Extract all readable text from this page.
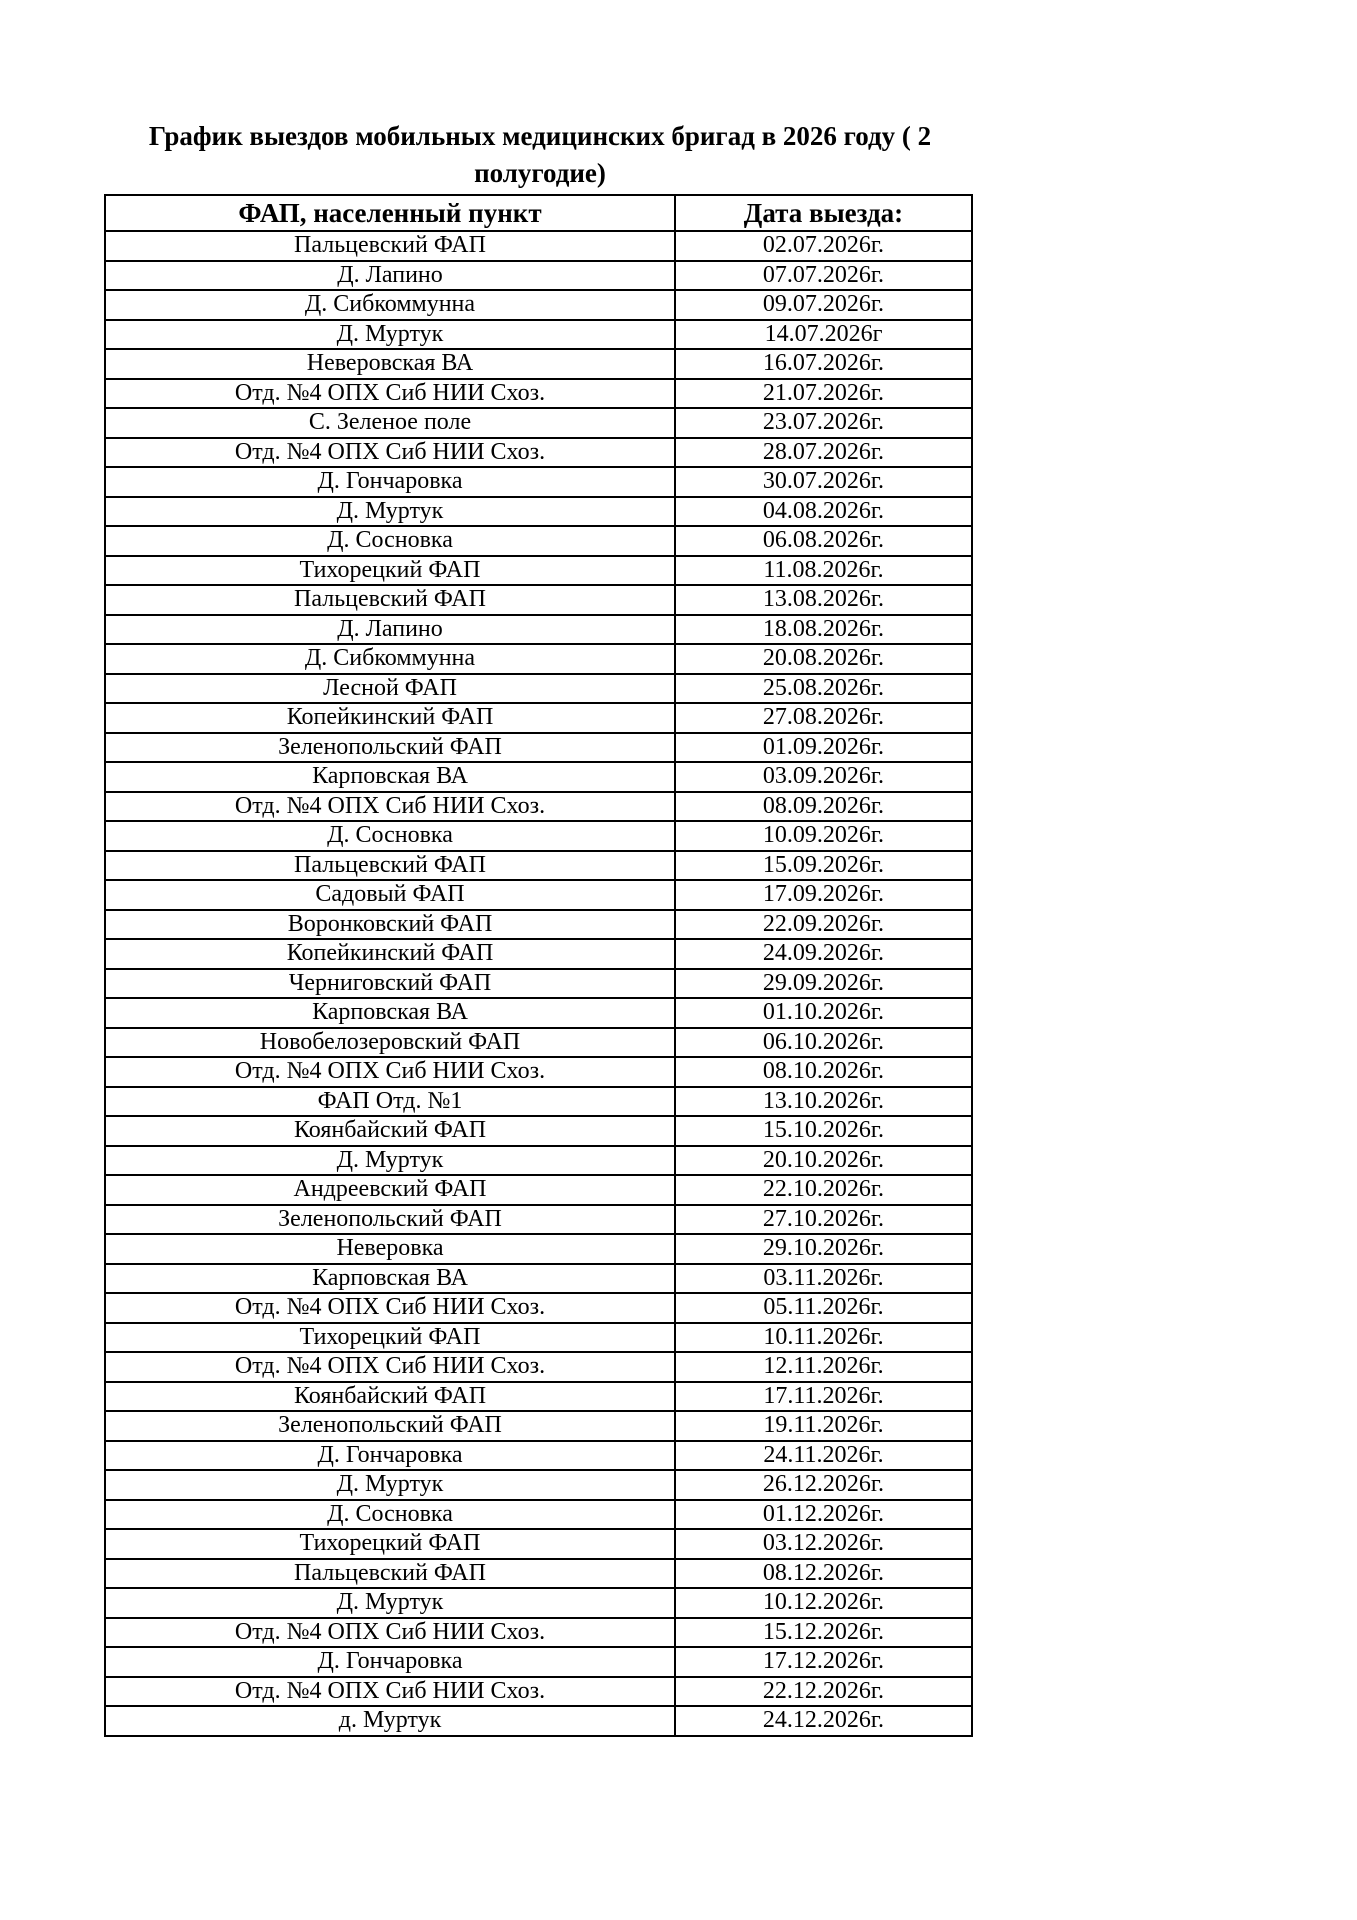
График выездов мобильных медицинских бригад в 2026 году ( 2 полугодие)
ФАП, населенный пункт	Дата выезда:
Пальцевский ФАП	02.07.2026г.
Д. Лапино	07.07.2026г.
Д. Сибкоммунна	09.07.2026г.
Д. Муртук	14.07.2026г
Неверовская ВА	16.07.2026г.
Отд. №4 ОПХ Сиб НИИ Схоз.	21.07.2026г.
С. Зеленое поле	23.07.2026г.
Отд. №4 ОПХ Сиб НИИ Схоз.	28.07.2026г.
Д. Гончаровка	30.07.2026г.
Д. Муртук	04.08.2026г.
Д. Сосновка	06.08.2026г.
Тихорецкий ФАП	11.08.2026г.
Пальцевский ФАП	13.08.2026г.
Д. Лапино	18.08.2026г.
Д. Сибкоммунна	20.08.2026г.
Лесной ФАП	25.08.2026г.
Копейкинский ФАП	27.08.2026г.
Зеленопольский ФАП	01.09.2026г.
Карповская ВА	03.09.2026г.
Отд. №4 ОПХ Сиб НИИ Схоз.	08.09.2026г.
Д. Сосновка	10.09.2026г.
Пальцевский ФАП	15.09.2026г.
Садовый ФАП	17.09.2026г.
Воронковский ФАП	22.09.2026г.
Копейкинский ФАП	24.09.2026г.
Черниговский ФАП	29.09.2026г.
Карповская ВА	01.10.2026г.
Новобелозеровский ФАП	06.10.2026г.
Отд. №4 ОПХ Сиб НИИ Схоз.	08.10.2026г.
ФАП Отд. №1	13.10.2026г.
Коянбайский ФАП	15.10.2026г.
Д. Муртук	20.10.2026г.
Андреевский ФАП	22.10.2026г.
Зеленопольский ФАП	27.10.2026г.
Неверовка	29.10.2026г.
Карповская ВА	03.11.2026г.
Отд. №4 ОПХ Сиб НИИ Схоз.	05.11.2026г.
Тихорецкий ФАП	10.11.2026г.
Отд. №4 ОПХ Сиб НИИ Схоз.	12.11.2026г.
Коянбайский ФАП	17.11.2026г.
Зеленопольский ФАП	19.11.2026г.
Д. Гончаровка	24.11.2026г.
Д. Муртук	26.12.2026г.
Д. Сосновка	01.12.2026г.
Тихорецкий ФАП	03.12.2026г.
Пальцевский ФАП	08.12.2026г.
Д. Муртук	10.12.2026г.
Отд. №4 ОПХ Сиб НИИ Схоз.	15.12.2026г.
Д. Гончаровка	17.12.2026г.
Отд. №4 ОПХ Сиб НИИ Схоз.	22.12.2026г.
д. Муртук	24.12.2026г.
